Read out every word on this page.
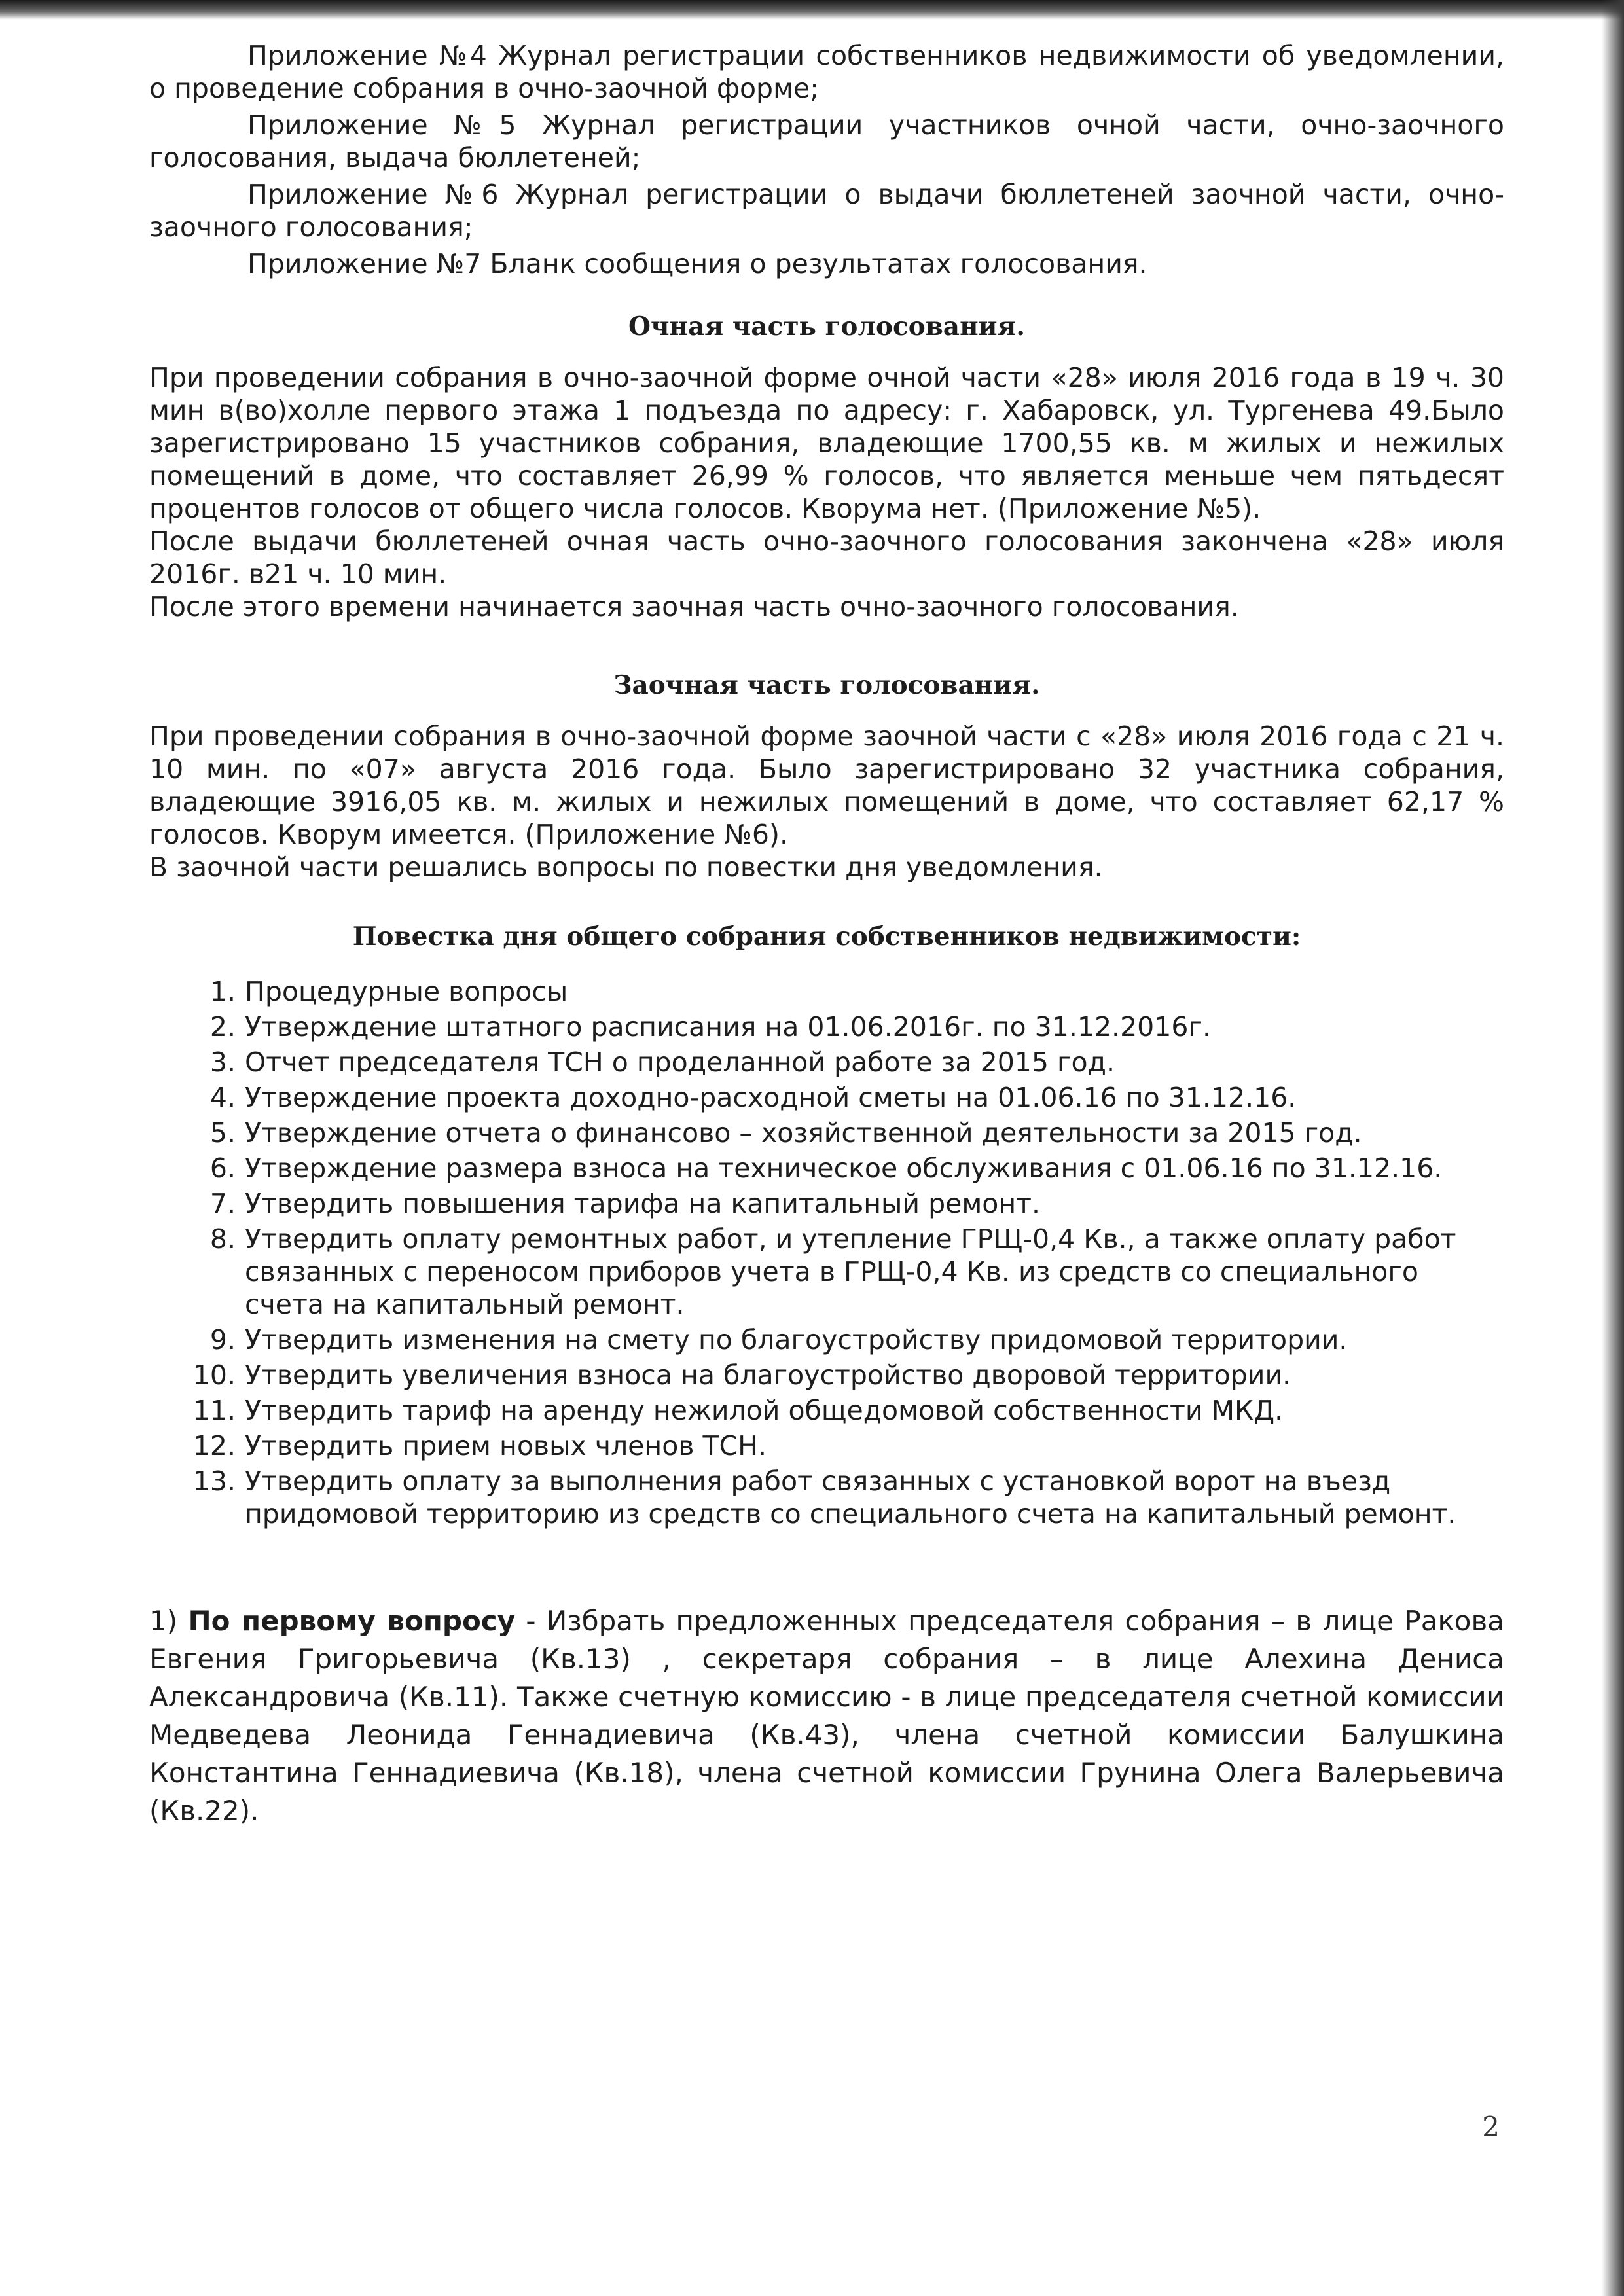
Приложение №4 Журнал регистрации собственников недвижимости об уведомлении, о проведение собрания в очно-заочной форме;

Приложение №5 Журнал регистрации участников очной части, очно-заочного голосования, выдача бюллетеней;

Приложение №6 Журнал регистрации о выдачи бюллетеней заочной части, очно-заочного голосования;

Приложение №7 Бланк сообщения о результатах голосования.

Очная часть голосования.

При проведении собрания в очно-заочной форме очной части «28» июля 2016 года в 19 ч. 30 мин в(во)холле первого этажа 1 подъезда по адресу: г. Хабаровск, ул. Тургенева 49.Было зарегистрировано 15 участников собрания, владеющие 1700,55 кв. м жилых и нежилых помещений в доме, что составляет 26,99 % голосов, что является меньше чем пятьдесят процентов голосов от общего числа голосов. Кворума нет. (Приложение №5).

После выдачи бюллетеней очная часть очно-заочного голосования закончена «28» июля 2016г. в21 ч. 10 мин.

После этого времени начинается заочная часть очно-заочного голосования.

Заочная часть голосования.

При проведении собрания в очно-заочной форме заочной части с «28» июля 2016 года с 21 ч. 10 мин. по «07» августа 2016 года. Было зарегистрировано 32 участника собрания, владеющие 3916,05 кв. м. жилых и нежилых помещений в доме, что составляет 62,17 % голосов. Кворум имеется. (Приложение №6).

В заочной части решались вопросы по повестки дня уведомления.

Повестка дня общего собрания собственников недвижимости:
1. Процедурные вопросы
2. Утверждение штатного расписания на 01.06.2016г. по 31.12.2016г.
3. Отчет председателя ТСН о проделанной работе за 2015 год.
4. Утверждение проекта доходно-расходной сметы на 01.06.16 по 31.12.16.
5. Утверждение отчета о финансово – хозяйственной деятельности за 2015 год.
6. Утверждение размера взноса на техническое обслуживания с 01.06.16 по 31.12.16.
7. Утвердить повышения тарифа на капитальный ремонт.
8. Утвердить оплату ремонтных работ, и утепление ГРЩ-0,4 Кв., а также оплату работ связанных с переносом приборов учета в ГРЩ-0,4 Кв. из средств со специального счета на капитальный ремонт.
9. Утвердить изменения на смету по благоустройству придомовой территории.
10. Утвердить увеличения взноса на благоустройство дворовой территории.
11. Утвердить тариф на аренду нежилой общедомовой собственности МКД.
12. Утвердить прием новых членов ТСН.
13. Утвердить оплату за выполнения работ связанных с установкой ворот на въезд придомовой территорию из средств со специального счета на капитальный ремонт.

1) По первому вопросу - Избрать предложенных председателя собрания – в лице Ракова Евгения Григорьевича (Кв.13) , секретаря собрания – в лице Алехина Дениса Александровича (Кв.11). Также счетную комиссию - в лице председателя счетной комиссии Медведева Леонида Геннадиевича (Кв.43), члена счетной комиссии Балушкина Константина Геннадиевича (Кв.18), члена счетной комиссии Грунина Олега Валерьевича (Кв.22).

2
